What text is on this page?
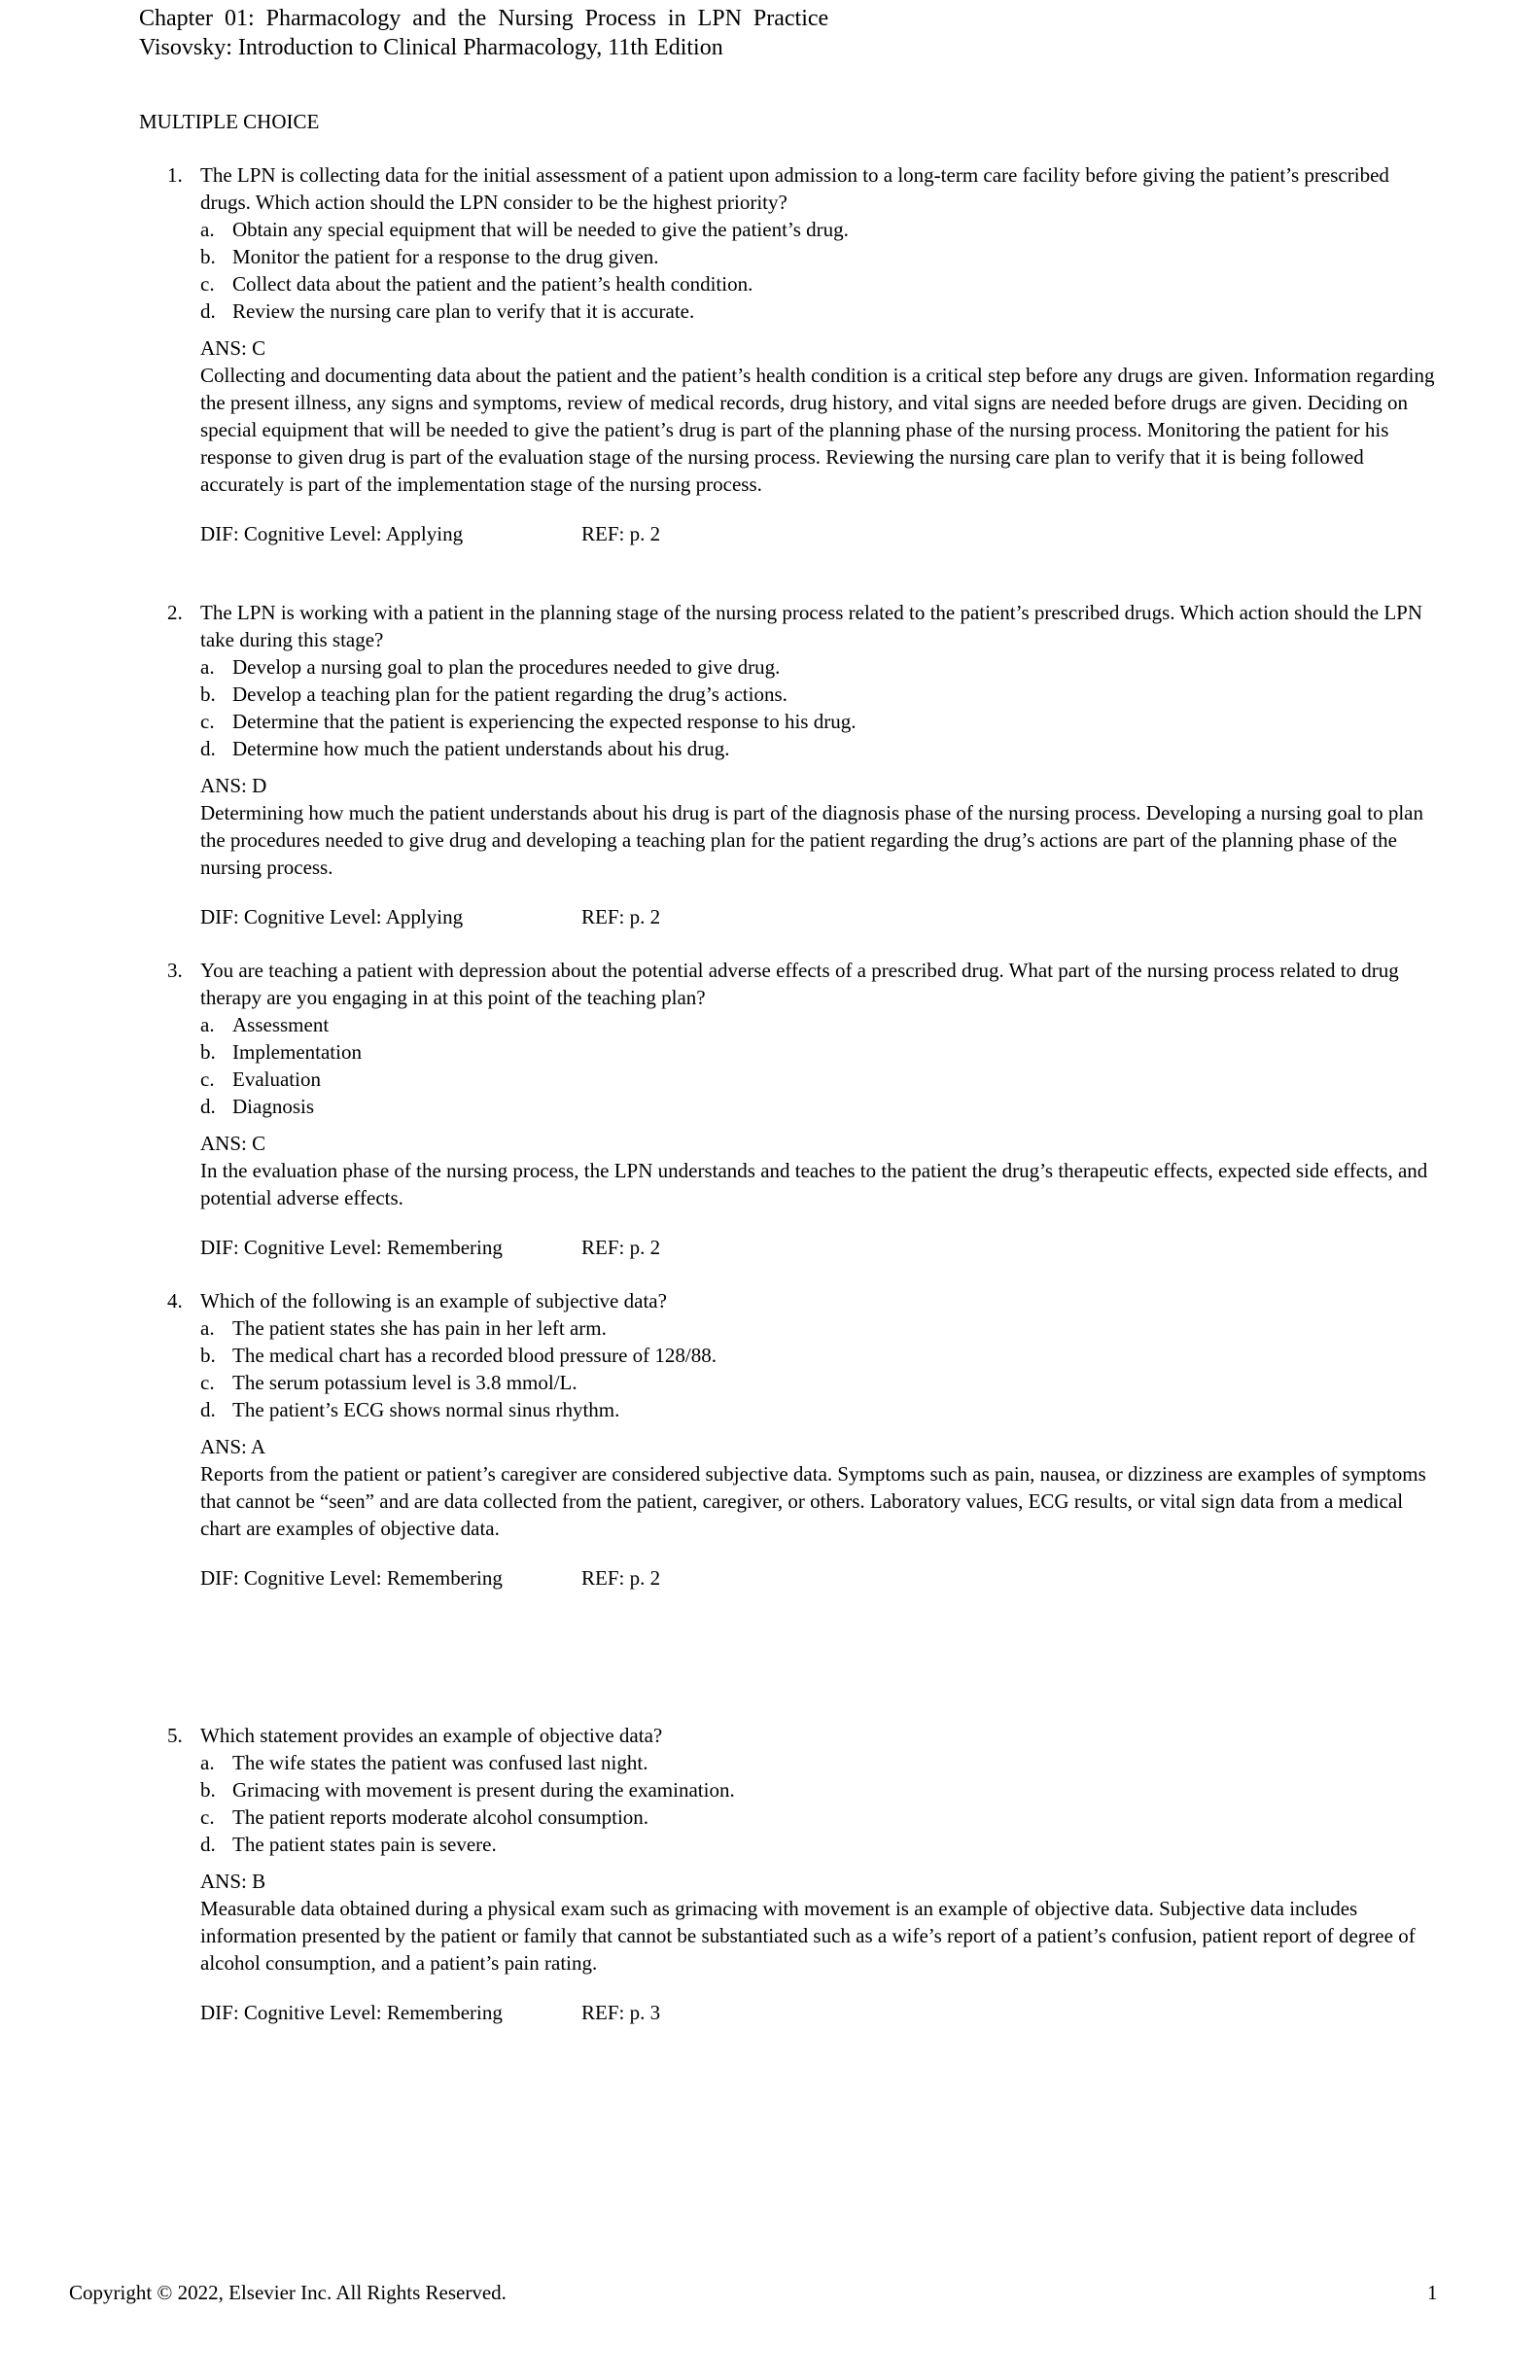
Chapter 01: Pharmacology and the Nursing Process in LPN Practice
Visovsky: Introduction to Clinical Pharmacology, 11th Edition
MULTIPLE CHOICE
1. The LPN is collecting data for the initial assessment of a patient upon admission to a long-term care facility before giving the patient’s prescribed drugs. Which action should the LPN consider to be the highest priority?

a. Obtain any special equipment that will be needed to give the patient’s drug.
b. Monitor the patient for a response to the drug given.
c. Collect data about the patient and the patient’s health condition.
d. Review the nursing care plan to verify that it is accurate.
ANS: C

Collecting and documenting data about the patient and the patient’s health condition is a critical step before any drugs are given. Information regarding the present illness, any signs and symptoms, review of medical records, drug history, and vital signs are needed before drugs are given. Deciding on special equipment that will be needed to give the patient’s drug is part of the planning phase of the nursing process. Monitoring the patient for his response to given drug is part of the evaluation stage of the nursing process. Reviewing the nursing care plan to verify that it is being followed accurately is part of the implementation stage of the nursing process.

DIF: Cognitive Level: Applying	REF: p. 2
2. The LPN is working with a patient in the planning stage of the nursing process related to the patient’s prescribed drugs. Which action should the LPN take during this stage?

a. Develop a nursing goal to plan the procedures needed to give drug.
b. Develop a teaching plan for the patient regarding the drug’s actions.
c. Determine that the patient is experiencing the expected response to his drug.
d. Determine how much the patient understands about his drug.
ANS: D

Determining how much the patient understands about his drug is part of the diagnosis phase of the nursing process. Developing a nursing goal to plan the procedures needed to give drug and developing a teaching plan for the patient regarding the drug’s actions are part of the planning phase of the nursing process.

DIF: Cognitive Level: Applying	REF: p. 2
3. You are teaching a patient with depression about the potential adverse effects of a prescribed drug. What part of the nursing process related to drug therapy are you engaging in at this point of the teaching plan?

a. Assessment
b. Implementation
c. Evaluation
d. Diagnosis
ANS: C

In the evaluation phase of the nursing process, the LPN understands and teaches to the patient the drug’s therapeutic effects, expected side effects, and potential adverse effects.

DIF: Cognitive Level: Remembering	REF: p. 2
4. Which of the following is an example of subjective data?

a. The patient states she has pain in her left arm.
b. The medical chart has a recorded blood pressure of 128/88.
c. The serum potassium level is 3.8 mmol/L.
d. The patient’s ECG shows normal sinus rhythm.
ANS: A

Reports from the patient or patient’s caregiver are considered subjective data. Symptoms such as pain, nausea, or dizziness are examples of symptoms that cannot be “seen” and are data collected from the patient, caregiver, or others. Laboratory values, ECG results, or vital sign data from a medical chart are examples of objective data.

DIF: Cognitive Level: Remembering	REF: p. 2
5. Which statement provides an example of objective data?

a. The wife states the patient was confused last night.
b. Grimacing with movement is present during the examination.
c. The patient reports moderate alcohol consumption.
d. The patient states pain is severe.
ANS: B

Measurable data obtained during a physical exam such as grimacing with movement is an example of objective data. Subjective data includes information presented by the patient or family that cannot be substantiated such as a wife’s report of a patient’s confusion, patient report of degree of alcohol consumption, and a patient’s pain rating.

DIF: Cognitive Level: Remembering	REF: p. 3
Copyright © 2022, Elsevier Inc. All Rights Reserved.	1
